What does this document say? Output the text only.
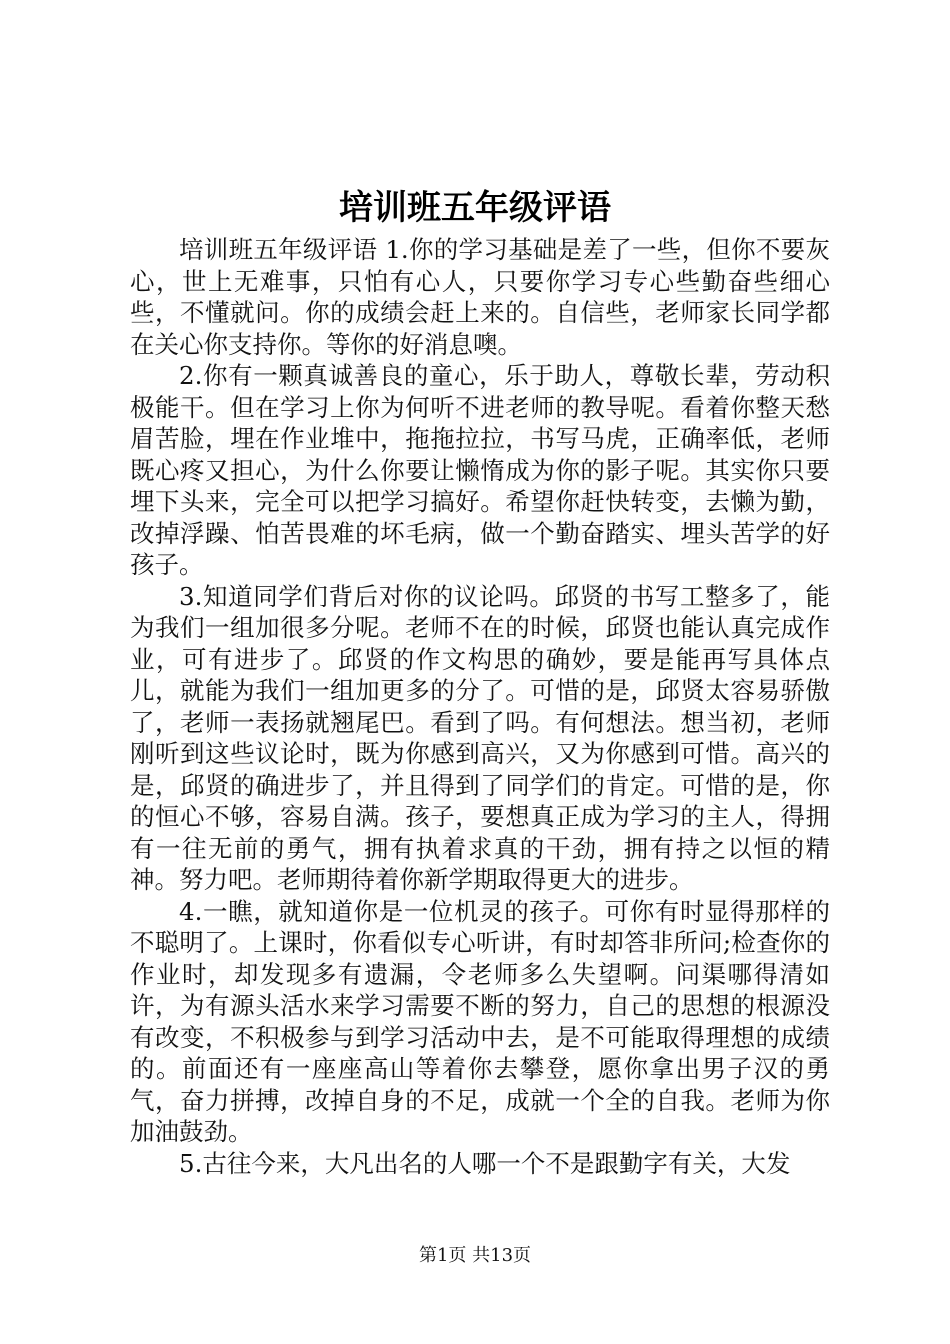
培训班五年级评语

培训班五年级评语 1.你的学习基础是差了一些，但你不要灰心，世上无难事，只怕有心人，只要你学习专心些勤奋些细心些，不懂就问。你的成绩会赶上来的。自信些，老师家长同学都在关心你支持你。等你的好消息噢。

2.你有一颗真诚善良的童心，乐于助人，尊敬长辈，劳动积极能干。但在学习上你为何听不进老师的教导呢。看着你整天愁眉苦脸，埋在作业堆中，拖拖拉拉，书写马虎，正确率低，老师既心疼又担心，为什么你要让懒惰成为你的影子呢。其实你只要埋下头来，完全可以把学习搞好。希望你赶快转变，去懒为勤，改掉浮躁、怕苦畏难的坏毛病，做一个勤奋踏实、埋头苦学的好孩子。

3.知道同学们背后对你的议论吗。邱贤的书写工整多了，能为我们一组加很多分呢。老师不在的时候，邱贤也能认真完成作业，可有进步了。邱贤的作文构思的确妙，要是能再写具体点儿，就能为我们一组加更多的分了。可惜的是，邱贤太容易骄傲了，老师一表扬就翘尾巴。看到了吗。有何想法。想当初，老师刚听到这些议论时，既为你感到高兴，又为你感到可惜。高兴的是，邱贤的确进步了，并且得到了同学们的肯定。可惜的是，你的恒心不够，容易自满。孩子，要想真正成为学习的主人，得拥有一往无前的勇气，拥有执着求真的干劲，拥有持之以恒的精神。努力吧。老师期待着你新学期取得更大的进步。

4.一瞧，就知道你是一位机灵的孩子。可你有时显得那样的不聪明了。上课时，你看似专心听讲，有时却答非所问;检查你的作业时，却发现多有遗漏，令老师多么失望啊。问渠哪得清如许，为有源头活水来学习需要不断的努力，自己的思想的根源没有改变，不积极参与到学习活动中去，是不可能取得理想的成绩的。前面还有一座座高山等着你去攀登，愿你拿出男子汉的勇气，奋力拼搏，改掉自身的不足，成就一个全的自我。老师为你加油鼓劲。

5.古往今来，大凡出名的人哪一个不是跟勤字有关，大发

第1页 共13页
